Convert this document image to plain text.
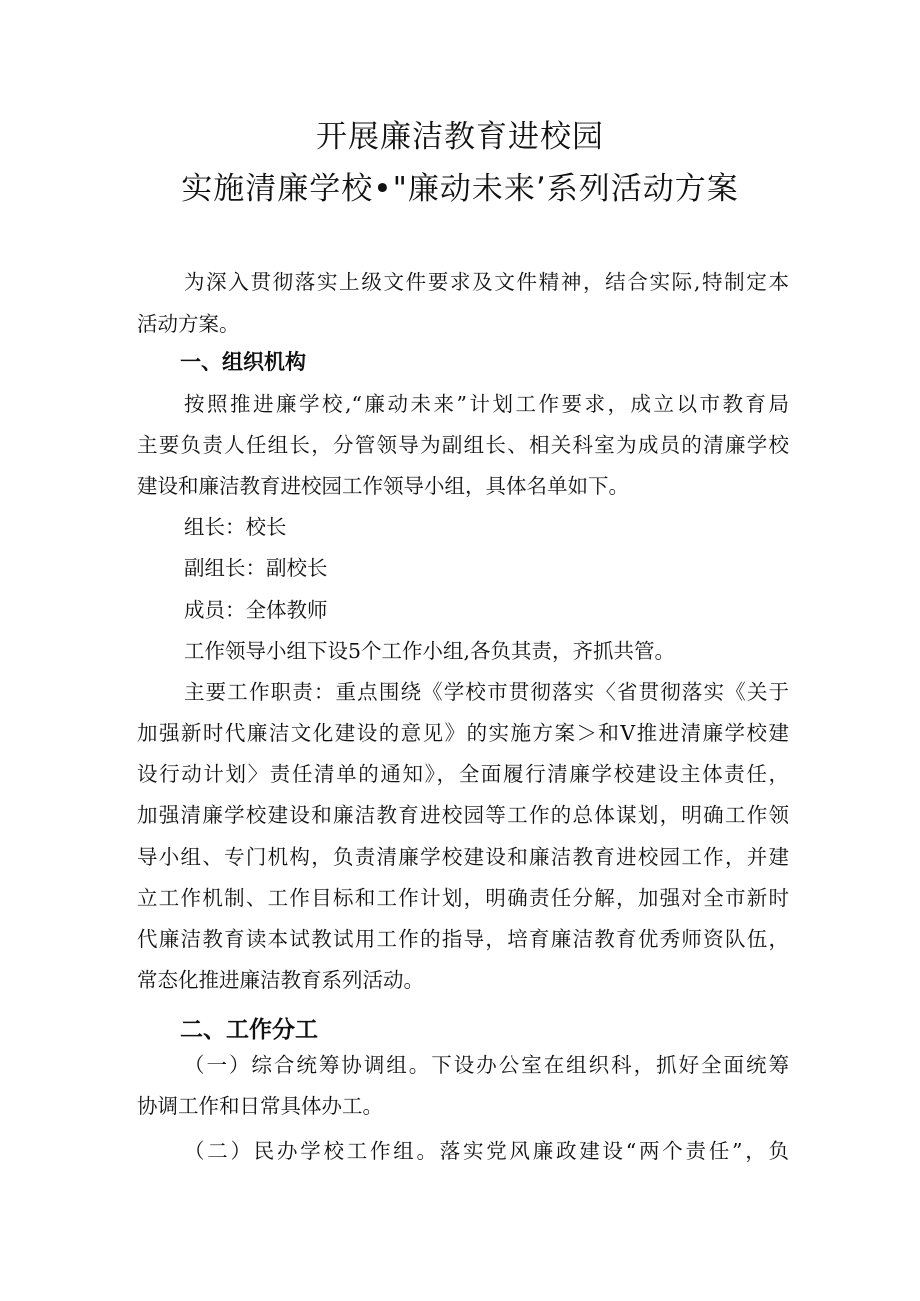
开展廉洁教育进校园
实施清廉学校•"廉动未来’系列活动方案
为深入贯彻落实上级文件要求及文件精神，结合实际,特制定本
活动方案。
一、组织机构
按照推进廉学校,“廉动未来”计划工作要求，成立以市教育局
主要负责人任组长，分管领导为副组长、相关科室为成员的清廉学校
建设和廉洁教育进校园工作领导小组，具体名单如下。
组长：校长
副组长：副校长
成员：全体教师
工作领导小组下设5个工作小组,各负其责，齐抓共管。
主要工作职责：重点围绕《学校市贯彻落实〈省贯彻落实《关于
加强新时代廉洁文化建设的意见》的实施方案＞和V推进清廉学校建
设行动计划〉责任清单的通知》，全面履行清廉学校建设主体责任，
加强清廉学校建设和廉洁教育进校园等工作的总体谋划，明确工作领
导小组、专门机构，负责清廉学校建设和廉洁教育进校园工作，并建
立工作机制、工作目标和工作计划，明确责任分解，加强对全市新时
代廉洁教育读本试教试用工作的指导，培育廉洁教育优秀师资队伍，
常态化推进廉洁教育系列活动。
二、工作分工
（一）综合统筹协调组。下设办公室在组织科，抓好全面统筹
协调工作和日常具体办工。
（二）民办学校工作组。落实党风廉政建设“两个责任”，负
